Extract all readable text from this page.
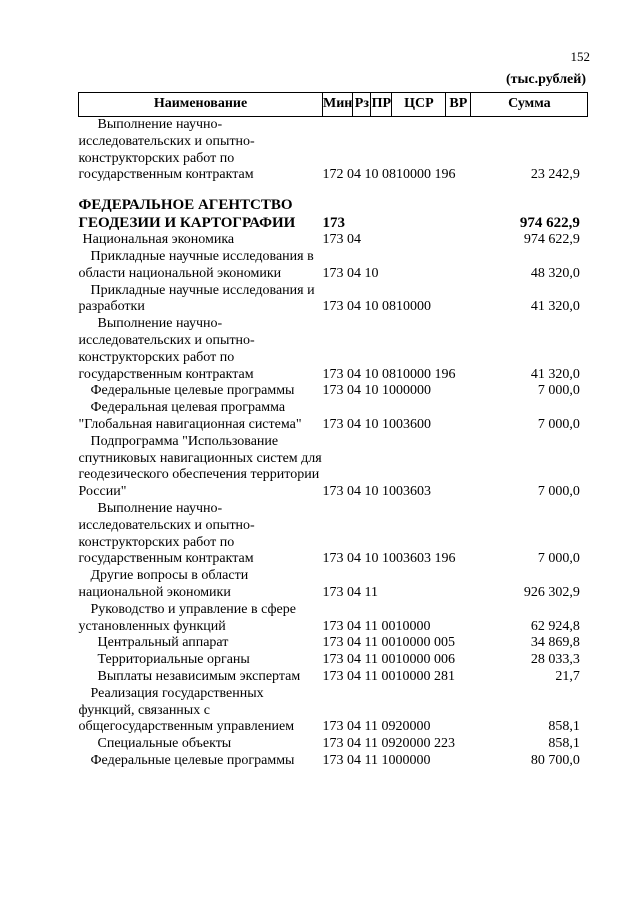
152
(тыс.рублей)
Наименование	Мин	Рз	ПР	ЦСР	ВР	Сумма
Выполнение научно-исследовательских и опытно-конструкторских работ по государственным контрактам	172 04 10 0810000 196					23 242,9
ФЕДЕРАЛЬНОЕ АГЕНТСТВО ГЕОДЕЗИИ И КАРТОГРАФИИ	173					974 622,9
Национальная экономика	173 04					974 622,9
Прикладные научные исследования в области национальной экономики	173 04 10					48 320,0
Прикладные научные исследования и разработки	173 04 10 0810000					41 320,0
Выполнение научно-исследовательских и опытно-конструкторских работ по государственным контрактам	173 04 10 0810000 196					41 320,0
Федеральные целевые программы	173 04 10 1000000					7 000,0
Федеральная целевая программа "Глобальная навигационная система"	173 04 10 1003600					7 000,0
Подпрограмма "Использование спутниковых навигационных систем для геодезического обеспечения территории России"	173 04 10 1003603					7 000,0
Выполнение научно-исследовательских и опытно-конструкторских работ по государственным контрактам	173 04 10 1003603 196					7 000,0
Другие вопросы в области национальной экономики	173 04 11					926 302,9
Руководство и управление в сфере установленных функций	173 04 11 0010000					62 924,8
Центральный аппарат	173 04 11 0010000 005					34 869,8
Территориальные органы	173 04 11 0010000 006					28 033,3
Выплаты независимым экспертам	173 04 11 0010000 281					21,7
Реализация государственных функций, связанных с общегосударственным управлением	173 04 11 0920000					858,1
Специальные объекты	173 04 11 0920000 223					858,1
Федеральные целевые программы	173 04 11 1000000					80 700,0
